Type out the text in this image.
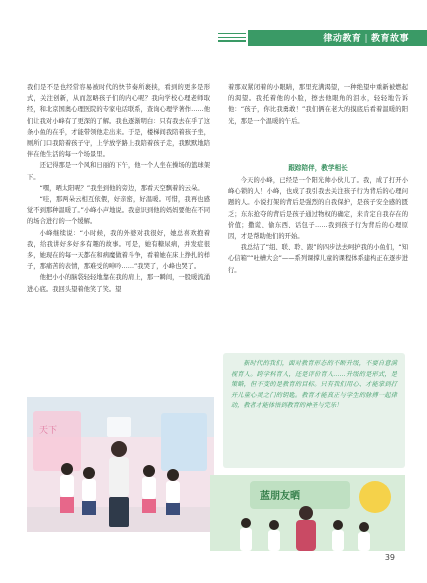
律动教育 | 教育故事

我们是不是也经常容易被时代的快节奏所裹挟，看到的更多是形式，关注创新，从而忽略孩子们的内心呢？我向学校心理老师取经，和北京国奥心理医院的专家电话联系，查询心理学著作……他们让我对小峰有了更深的了解。我也逐渐明白：只有我去在乎了这条小鱼的在乎，才能带领他走出来。于是，楼梯间我陪着孩子坐，厕所门口我陪着孩子守，上学放学路上我陪着孩子走，我默默地陪伴在他生活的每一个场景里。

还记得那是一个风和日丽的下午，他一个人坐在操场的篮球架下。

“嘿，晒太阳呢？”我坐到他的旁边，那看天空飘着的云朵。

“哇，那两朵云相互依偎，好亲密，好温暖。可惜，我再也感觉不到那种温暖了。”小峰小声地说。我意识到他的妈妈要他在不同的场合进行的一个缓解。

小峰继续说：“小时候，我的外婆对我很好，她总喜欢抱着我，给我讲好多好多有趣的故事。可是，她有糖尿病，并发症很多，她现在的每一天都在和病魔做着斗争，看着她在床上挣扎的样子，那痛苦的表情，那难受的呻吟……”我哭了，小峰也哭了。

他把小小的脑袋轻轻地靠在我的肩上，那一瞬间，一股暖流涌进心底。我回头望着他笑了笑。望

着那双紧闭着的小眼睛，那里充满渴望，一种绝望中重新被燃起的渴望。我托着他的小脸，擦去他眼角的泪水，轻轻地告诉他：“孩子，你比我勇敢！”我们俩在老大的摸底后看着温暖的阳光，那是一个温暖的午后。

跟踪陪伴，教学相长

今天的小峰，已经是一个阳光帅小伙儿了。我，成了打开小峰心锁的人！小峰，也成了我引我去关注孩子行为背后的心理问题的人。小说打架的背后是强烈的自我保护，是孩子安全感的匮乏；东东抢夺的背后是孩子通过物权的确定，来肯定自我存在的价值；撒谎、偷东西、话包子……我到孩子行为背后的心理原因，才是帮助他们的开始。

我总结了“组、联、聆、跟”的四步法去呵护我的小鱼们，“知心信箱”“吐槽大会”——系列课撑儿童的课程体系建构正在逐步进行。

新时代的我们，面对教育形态的不断升级，不要自意满视育人。跨学科育人，还是评价育人……升级的是形式，是策略，但不变的是教育的目标。只有我们用心、才能掌到打开儿童心灵之门的钥匙。教育才能真正与学生的脉搏一起律动，教者才能体悟到教育的神圣与完乐！

天下
蓝朋友晒
39
